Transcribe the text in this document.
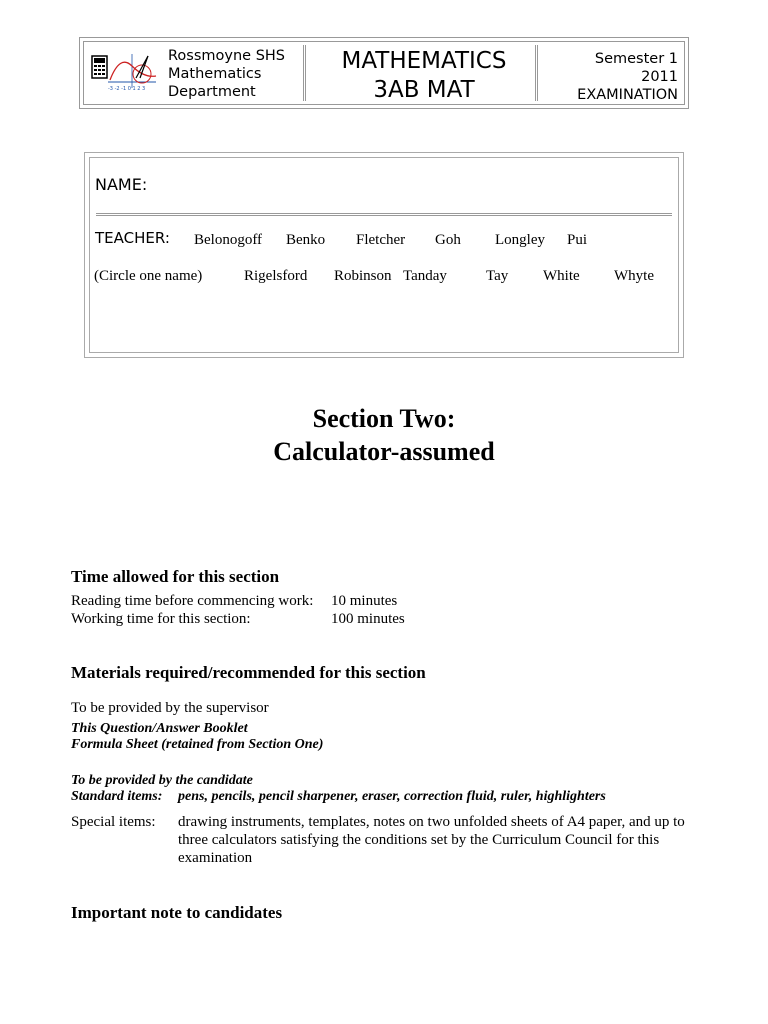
-3 -2 -1 0 1 2 3
Rossmoyne SHS
Mathematics
Department
MATHEMATICS
3AB MAT
Semester 1
2011
EXAMINATION
NAME:
TEACHER: Belonogoff Benko Fletcher Goh Longley Pui
(Circle one name)	Rigelsford Robinson Tanday	Tay White Whyte
Section Two:
Calculator-assumed
Time allowed for this section
Reading time before commencing work: 10 minutes
Working time for this section:	100 minutes
Materials required/recommended for this section
To be provided by the supervisor
This Question/Answer Booklet
Formula Sheet (retained from Section One)
To be provided by the candidate
Standard items: pens, pencils, pencil sharpener, eraser, correction fluid, ruler, highlighters
Special items: drawing instruments, templates, notes on two unfolded sheets of A4 paper, and up to three calculators satisfying the conditions set by the Curriculum Council for this examination
Important note to candidates
